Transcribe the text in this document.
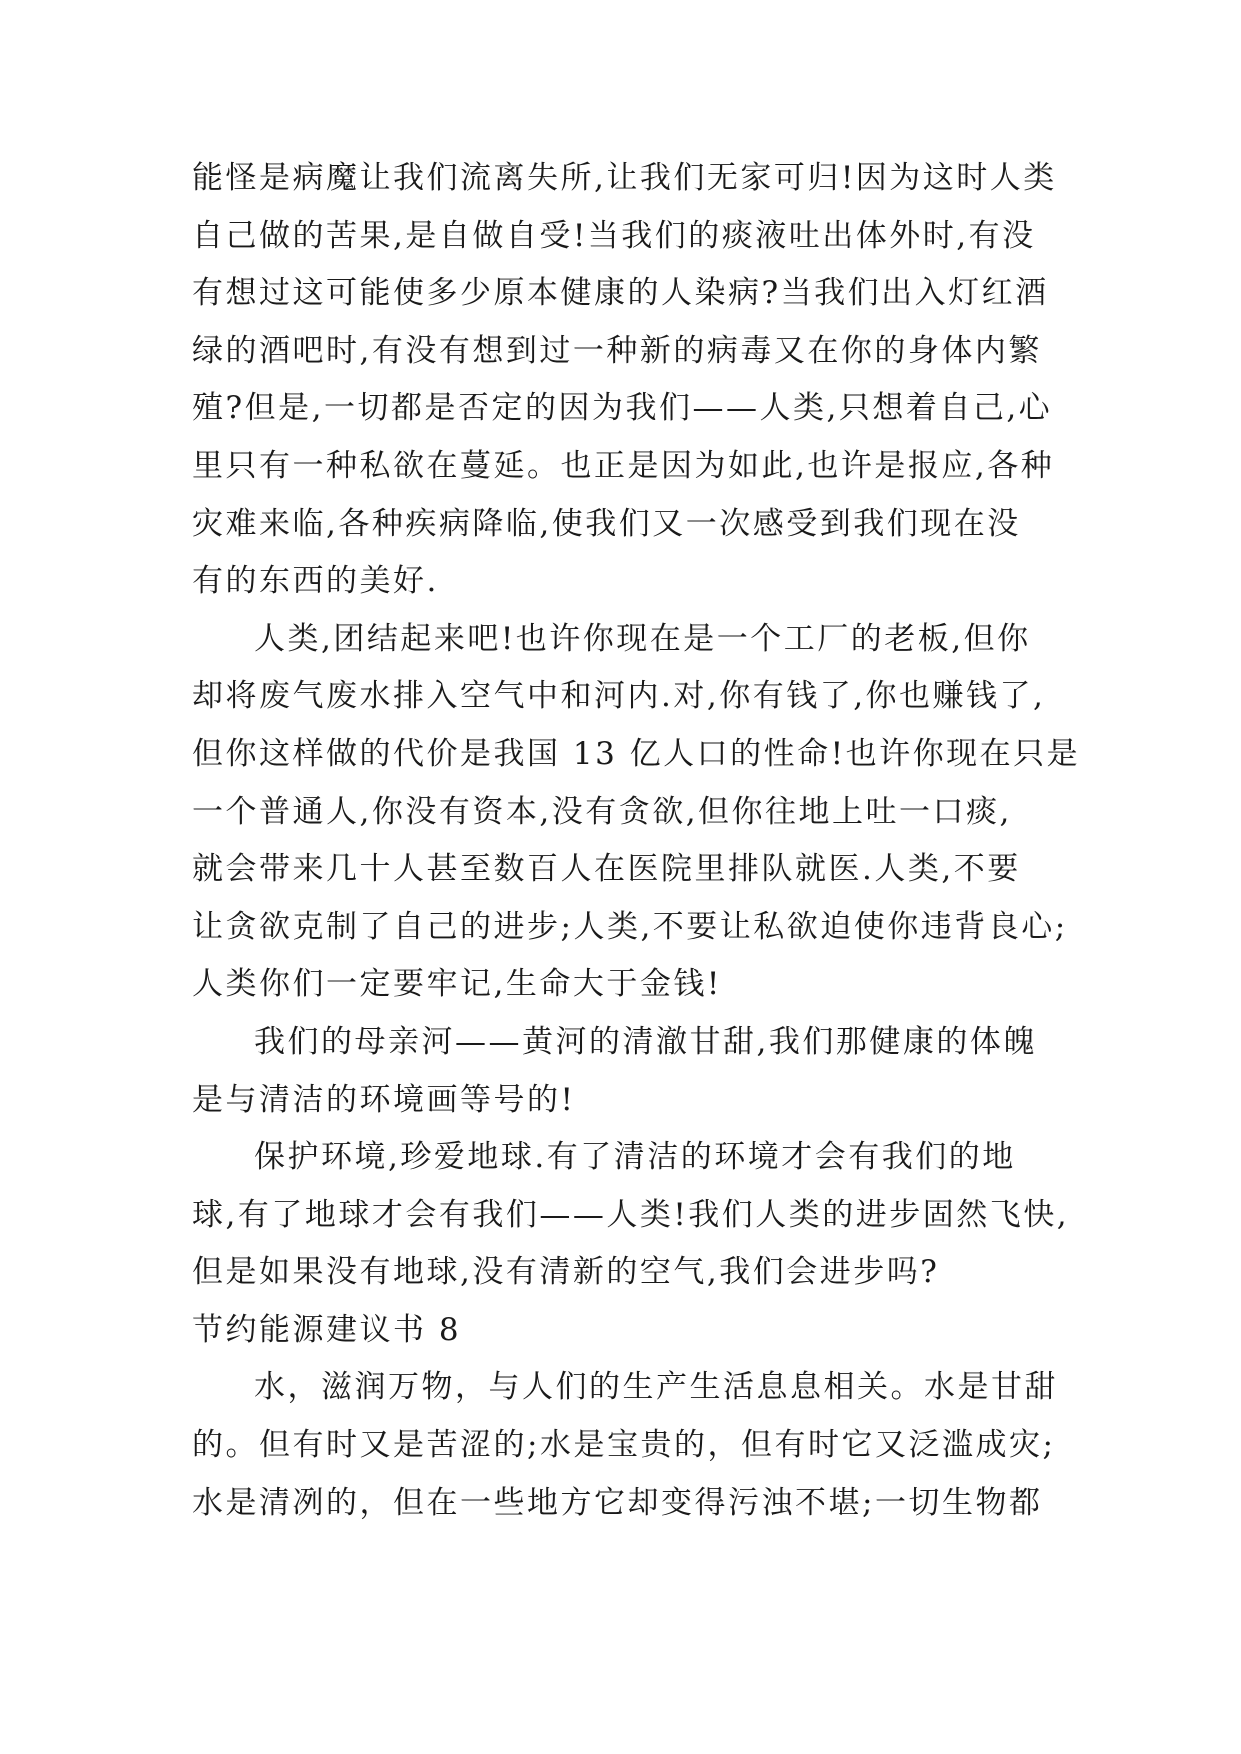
能怪是病魔让我们流离失所,让我们无家可归!因为这时人类
自己做的苦果,是自做自受!当我们的痰液吐出体外时,有没
有想过这可能使多少原本健康的人染病?当我们出入灯红酒
绿的酒吧时,有没有想到过一种新的病毒又在你的身体内繁
殖?但是,一切都是否定的因为我们——人类,只想着自己,心
里只有一种私欲在蔓延。也正是因为如此,也许是报应,各种
灾难来临,各种疾病降临,使我们又一次感受到我们现在没
有的东西的美好.

人类,团结起来吧!也许你现在是一个工厂的老板,但你
却将废气废水排入空气中和河内.对,你有钱了,你也赚钱了,
但你这样做的代价是我国 13 亿人口的性命!也许你现在只是
一个普通人,你没有资本,没有贪欲,但你往地上吐一口痰,
就会带来几十人甚至数百人在医院里排队就医.人类,不要
让贪欲克制了自己的进步;人类,不要让私欲迫使你违背良心;
人类你们一定要牢记,生命大于金钱!

我们的母亲河——黄河的清澈甘甜,我们那健康的体魄
是与清洁的环境画等号的!

保护环境,珍爱地球.有了清洁的环境才会有我们的地
球,有了地球才会有我们——人类!我们人类的进步固然飞快,
但是如果没有地球,没有清新的空气,我们会进步吗?

节约能源建议书 8

水，滋润万物，与人们的生产生活息息相关。水是甘甜
的。但有时又是苦涩的;水是宝贵的，但有时它又泛滥成灾;
水是清冽的，但在一些地方它却变得污浊不堪;一切生物都
